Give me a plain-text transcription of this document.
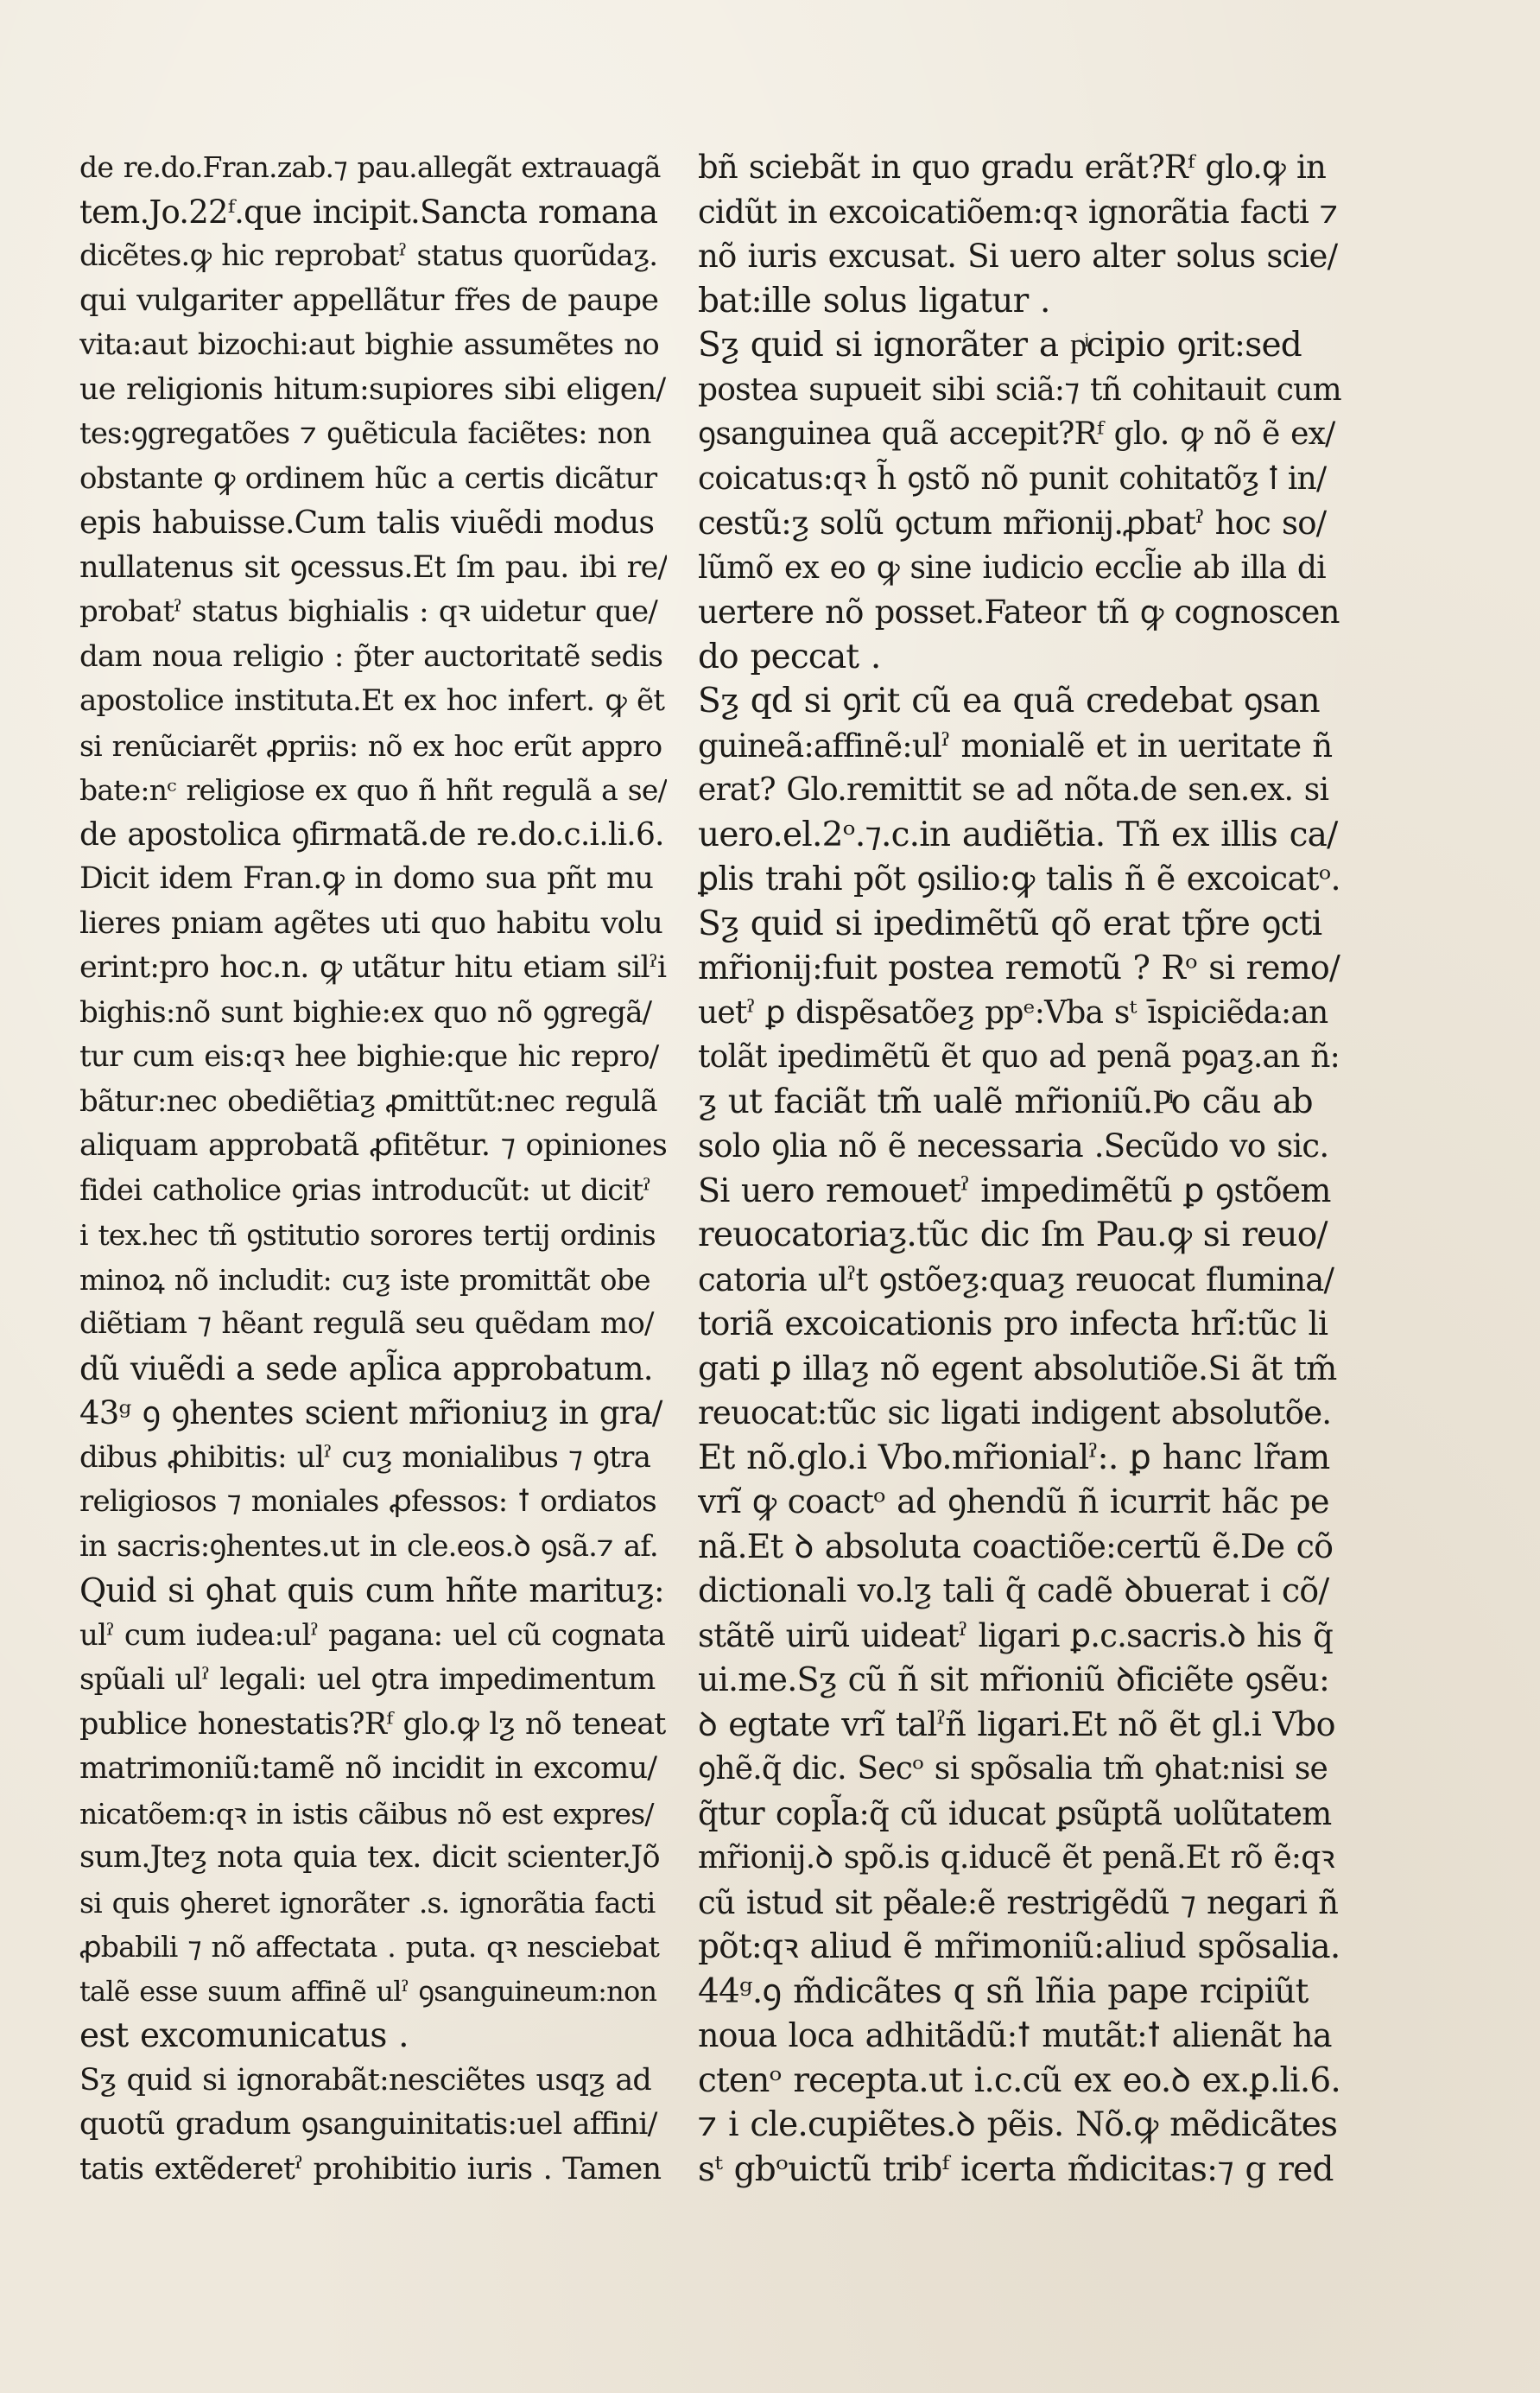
de re.do.Fran.zab.⁊ pau.allegãt extrauagã
tem.Jo.22ᶠ.que incipit.Sancta romana
dicẽtes.ꝙ hic reprobatˀ status quorũdaƺ.
qui vulgariter appellãtur fr̃es de paupe
vita:aut bizochi:aut bighie assumẽtes no
ue religionis hitum:supiores sibi eligen/
tes:ꝯgregatões ⁊ ꝯuẽticula faciẽtes: non
obstante ꝙ ordinem hũc a certis dicãtur
epis habuisse.Cum talis viuẽdi modus
nullatenus sit ꝯcessus.Et ſm pau. ibi re/
probatˀ status bighialis : qꝛ uidetur que/
dam noua religio : p̃ter auctoritatẽ sedis
apostolice instituta.Et ex hoc infert. ꝙ ẽt
si renũciarẽt ꝓpriis: nõ ex hoc erũt appro
bate:nᶜ religiose ex quo ñ hñt regulã a se/
de apostolica ꝯfirmatã.de re.do.c.i.li.6.
Dicit idem Fran.ꝙ in domo sua pñt mu
lieres pniam agẽtes uti quo habitu volu
erint:pro hoc.n. ꝙ utãtur hitu etiam silˀi
bighis:nõ sunt bighie:ex quo nõ ꝯgregã/
tur cum eis:qꝛ hee bighie:que hic repro/
bãtur:nec obediẽtiaƺ ꝓmittũt:nec regulã
aliquam approbatã ꝓfitẽtur. ⁊ opiniones
fidei catholice ꝯrias introducũt: ut dicitˀ
i tex.hec tñ ꝯstitutio sorores tertij ordinis
minoꝝ nõ includit: cuƺ iste promittãt obe
diẽtiam ⁊ hẽant regulã seu quẽdam mo/
dũ viuẽdi a sede apl̃ica approbatum.
43ᵍ ꝯ ꝯhentes scient mr̃ioniuƺ in gra/
dibus ꝓhibitis: ulˀ cuƺ monialibus ⁊ ꝯtra
religiosos ⁊ moniales ꝓfessos: ꝉ ordiatos
in sacris:ꝯhentes.ut in cle.eos.ꝺ ꝯsã.⁊ af.
Quid si ꝯhat quis cum hñte marituƺ:
ulˀ cum iudea:ulˀ pagana: uel cũ cognata
spũali ulˀ legali: uel ꝯtra impedimentum
publice honestatis?Rᶠ glo.ꝙ lƺ nõ teneat
matrimoniũ:tamẽ nõ incidit in excomu/
nicatõem:qꝛ in istis cãibus nõ est expres/
sum.Jteƺ nota quia tex. dicit scienter.Jõ
si quis ꝯheret ignorãter .s. ignorãtia facti
ꝓbabili ⁊ nõ affectata . puta. qꝛ nesciebat
talẽ esse suum affinẽ ulˀ ꝯsanguineum:non
est excomunicatus .
Sƺ quid si ignorabãt:nesciẽtes usqƺ ad
quotũ gradum ꝯsanguinitatis:uel affini/
tatis extẽderetˀ prohibitio iuris . Tamen
bñ sciebãt in quo gradu erãt?Rᶠ glo.ꝙ in
cidũt in excoicatiõem:qꝛ ignorãtia facti ⁊
nõ iuris excusat. Si uero alter solus scie/
bat:ille solus ligatur .
Sƺ quid si ignorãter a pͥcipio ꝯrit:sed
postea supueit sibi sciã:⁊ tñ cohitauit cum
ꝯsanguinea quã accepit?Rᶠ glo. ꝙ nõ ẽ ex/
coicatus:qꝛ h̃ ꝯstõ nõ punit cohitatõƺ ꝉ in/
cestũ:ƺ solũ ꝯctum mr̃ionij.ꝓbatˀ hoc so/
lũmõ ex eo ꝙ sine iudicio eccl̃ie ab illa di
uertere nõ posset.Fateor tñ ꝙ cognoscen
do peccat .
Sƺ qd si ꝯrit cũ ea quã credebat ꝯsan
guineã:affinẽ:ulˀ monialẽ et in ueritate ñ
erat? Glo.remittit se ad nõta.de sen.ex. si
uero.el.2ᵒ.⁊.c.in audiẽtia. Tñ ex illis ca/
ꝑlis trahi põt ꝯsilio:ꝙ talis ñ ẽ excoicatᵒ.
Sƺ quid si ipedimẽtũ qõ erat tp̃re ꝯcti
mr̃ionij:fuit postea remotũ ? Rᵒ si remo/
uetˀ ꝑ dispẽsatõeƺ ppᵉ:Vba sᵗ īspiciẽda:an
tolãt ipedimẽtũ ẽt quo ad penã pꝯaƺ.an ñ:
ƺ ut faciãt tm̃ ualẽ mr̃ioniũ.Pͥo cãu ab
solo ꝯlia nõ ẽ necessaria .Secũdo vo sic.
Si uero remouetˀ impedimẽtũ ꝑ ꝯstõem
reuocatoriaƺ.tũc dic ſm Pau.ꝙ si reuo/
catoria ulˀt ꝯstõeƺ:quaƺ reuocat flumina/
toriã excoicationis pro infecta hrĩ:tũc li
gati ꝑ illaƺ nõ egent absolutiõe.Si ãt tm̃
reuocat:tũc sic ligati indigent absolutõe.
Et nõ.glo.i Vbo.mr̃ionialˀ:. ꝑ hanc lr̃am
vrĩ ꝙ coactᵒ ad ꝯhendũ ñ icurrit hãc pe
nã.Et ꝺ absoluta coactiõe:certũ ẽ.De cõ
dictionali vo.lƺ tali q̃ cadẽ ꝺbuerat i cõ/
stãtẽ uirũ uideatˀ ligari ꝑ.c.sacris.ꝺ his q̃
ui.me.Sƺ cũ ñ sit mr̃ioniũ ꝺficiẽte ꝯsẽu:
ꝺ egtate vrĩ talˀñ ligari.Et nõ ẽt gl.i Vbo
ꝯhẽ.q̃ dic. Secᵒ si spõsalia tm̃ ꝯhat:nisi se
q̃tur copl̃a:q̃ cũ iducat ꝑsũptã uolũtatem
mr̃ionij.ꝺ spõ.is q.iducẽ ẽt penã.Et rõ ẽ:qꝛ
cũ istud sit pẽale:ẽ restrigẽdũ ⁊ negari ñ
põt:qꝛ aliud ẽ mr̃imoniũ:aliud spõsalia.
44ᵍ.ꝯ m̃dicãtes q sñ lñia pape rcipiũt
noua loca adhitãdũ:ꝉ mutãt:ꝉ alienãt ha
ctenᵒ recepta.ut i.c.cũ ex eo.ꝺ ex.ꝑ.li.6.
⁊ i cle.cupiẽtes.ꝺ pẽis. Nõ.ꝙ mẽdicãtes
sᵗ gbᵒuictũ tribᶠ icerta m̃dicitas:⁊ g red
